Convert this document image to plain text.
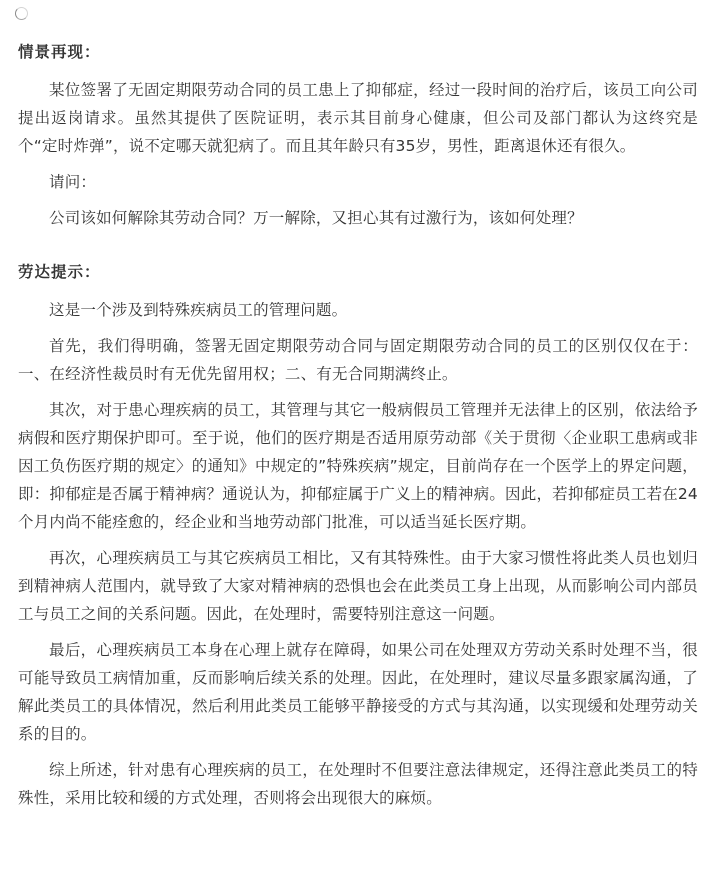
情景再现：

某位签署了无固定期限劳动合同的员工患上了抑郁症，经过一段时间的治疗后，该员工向公司提出返岗请求。虽然其提供了医院证明，表示其目前身心健康，但公司及部门都认为这终究是个“定时炸弹”，说不定哪天就犯病了。而且其年龄只有35岁，男性，距离退休还有很久。

请问：

公司该如何解除其劳动合同？万一解除，又担心其有过激行为，该如何处理？

劳达提示：

这是一个涉及到特殊疾病员工的管理问题。

首先，我们得明确，签署无固定期限劳动合同与固定期限劳动合同的员工的区别仅仅在于：一、在经济性裁员时有无优先留用权；二、有无合同期满终止。

其次，对于患心理疾病的员工，其管理与其它一般病假员工管理并无法律上的区别，依法给予病假和医疗期保护即可。至于说，他们的医疗期是否适用原劳动部《关于贯彻〈企业职工患病或非因工负伤医疗期的规定〉的通知》中规定的”特殊疾病”规定，目前尚存在一个医学上的界定问题，即：抑郁症是否属于精神病？通说认为，抑郁症属于广义上的精神病。因此，若抑郁症员工若在24个月内尚不能痊愈的，经企业和当地劳动部门批准，可以适当延长医疗期。

再次，心理疾病员工与其它疾病员工相比，又有其特殊性。由于大家习惯性将此类人员也划归到精神病人范围内，就导致了大家对精神病的恐惧也会在此类员工身上出现，从而影响公司内部员工与员工之间的关系问题。因此，在处理时，需要特别注意这一问题。

最后，心理疾病员工本身在心理上就存在障碍，如果公司在处理双方劳动关系时处理不当，很可能导致员工病情加重，反而影响后续关系的处理。因此，在处理时，建议尽量多跟家属沟通，了解此类员工的具体情况，然后利用此类员工能够平静接受的方式与其沟通，以实现缓和处理劳动关系的目的。

综上所述，针对患有心理疾病的员工，在处理时不但要注意法律规定，还得注意此类员工的特殊性，采用比较和缓的方式处理，否则将会出现很大的麻烦。
